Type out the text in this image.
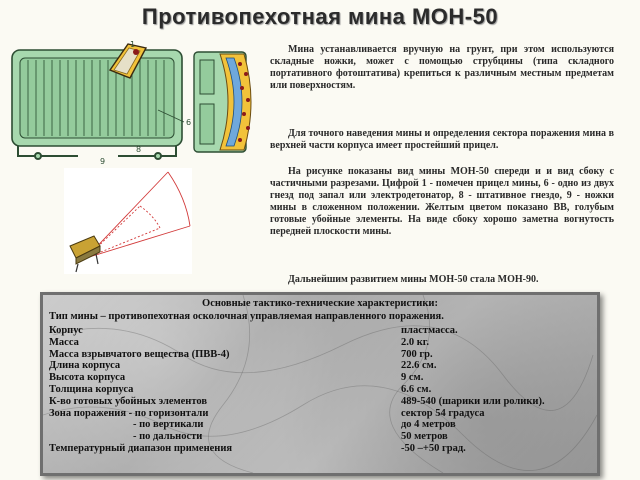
Противопехотная мина МОН-50
1
6
8
9

Мина устанавливается вручную на грунт, при этом используются складные ножки, может с помощью струбцины (типа складного портативного фотоштатива) крепиться к различным местным предметам или поверхностям.

Для точного наведения мины и определения сектора поражения мина в верхней части корпуса имеет простейший прицел.

На рисунке показаны вид мины МОН-50 спереди и и вид сбоку с частичными разрезами. Цифрой 1 - помечен прицел мины, 6 - одно из двух гнезд под запал или электродетонатор, 8 - штативное гнездо, 9 - ножки мины в сложенном положении. Желтым цветом показано ВВ, голубым готовые убойные элементы. На виде сбоку хорошо заметна вогнутость передней плоскости мины.

Дальнейшим развитием мины МОН-50 стала МОН-90.

Основные тактико-технические характеристики:
Тип мины – противопехотная осколочная управляемая направленного поражения.
Корпус	пластмасса.
Масса	2.0 кг.
Масса взрывчатого вещества (ПВВ-4)	700 гр.
Длина корпуса	22.6 см.
Высота корпуса	9 см.
Толщина корпуса	6.6 см.
К-во готовых убойных элементов	489-540 (шарики или ролики).
Зона поражения - по горизонтали	сектор 54 градуса
- по вертикали	до 4 метров
- по дальности	50 метров
Температурный диапазон применения	-50 –+50 град.
